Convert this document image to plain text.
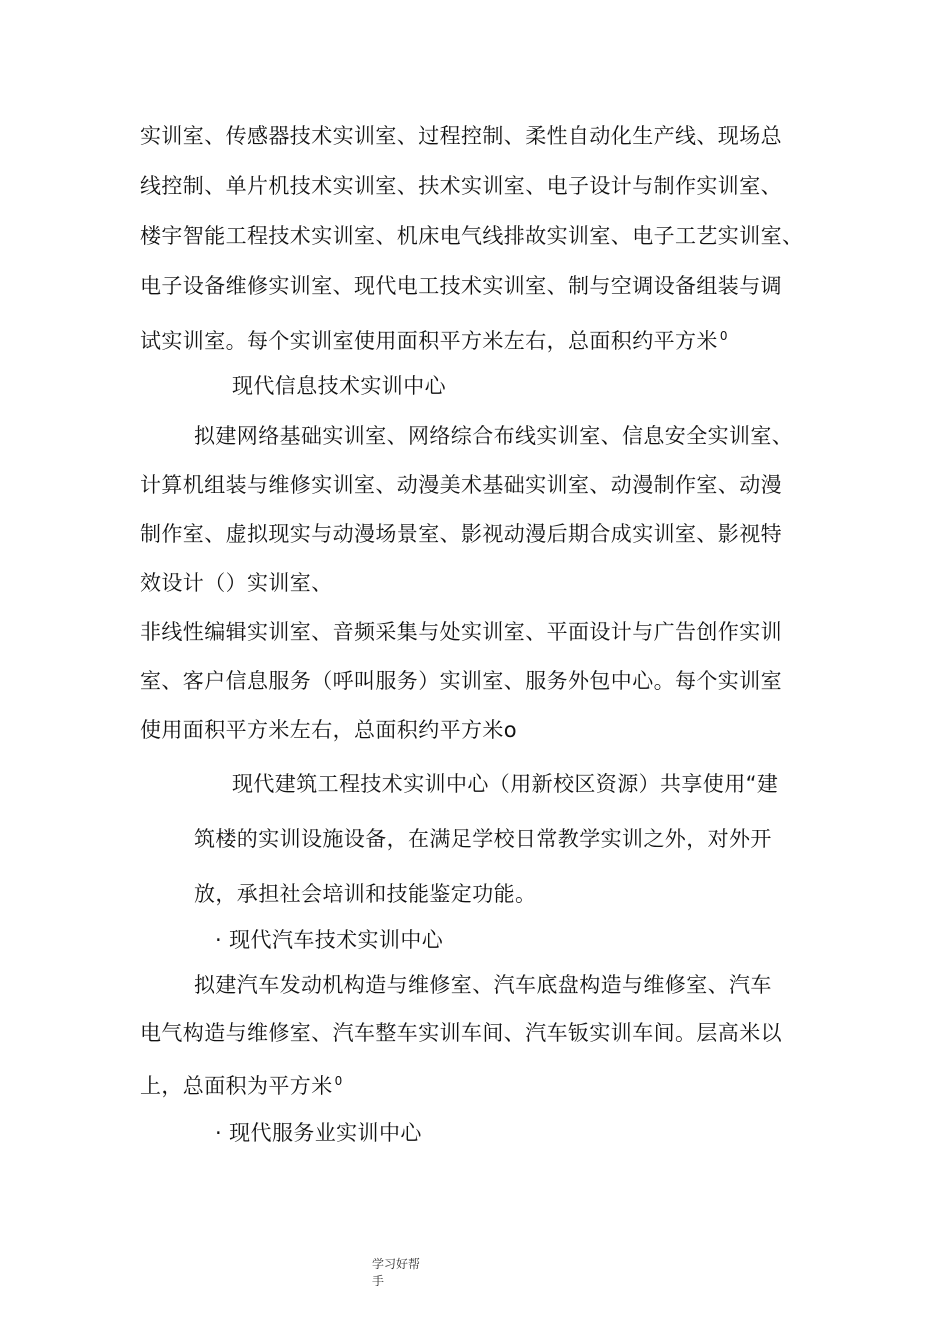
实训室、传感器技术实训室、过程控制、柔性自动化生产线、现场总
线控制、单片机技术实训室、扶术实训室、电子设计与制作实训室、
楼宇智能工程技术实训室、机床电气线排故实训室、电子工艺实训室、
电子设备维修实训室、现代电工技术实训室、制与空调设备组装与调
试实训室。每个实训室使用面积平方米左右，总面积约平方米 $^0$
现代信息技术实训中心
拟建网络基础实训室、网络综合布线实训室、信息安全实训室、
计算机组装与维修实训室、动漫美术基础实训室、动漫制作室、动漫
制作室、虚拟现实与动漫场景室、影视动漫后期合成实训室、影视特
效设计（）实训室、
非线性编辑实训室、音频采集与处实训室、平面设计与广告创作实训
室、客户信息服务（呼叫服务）实训室、服务外包中心。每个实训室
使用面积平方米左右，总面积约平方米o
现代建筑工程技术实训中心（用新校区资源）共享使用“建
筑楼的实训设施设备，在满足学校日常教学实训之外，对外开
放，承担社会培训和技能鉴定功能。
· 现代汽车技术实训中心
拟建汽车发动机构造与维修室、汽车底盘构造与维修室、汽车
电气构造与维修室、汽车整车实训车间、汽车钣实训车间。层高米以
上，总面积为平方米 $^0$
· 现代服务业实训中心
学习好帮
手
